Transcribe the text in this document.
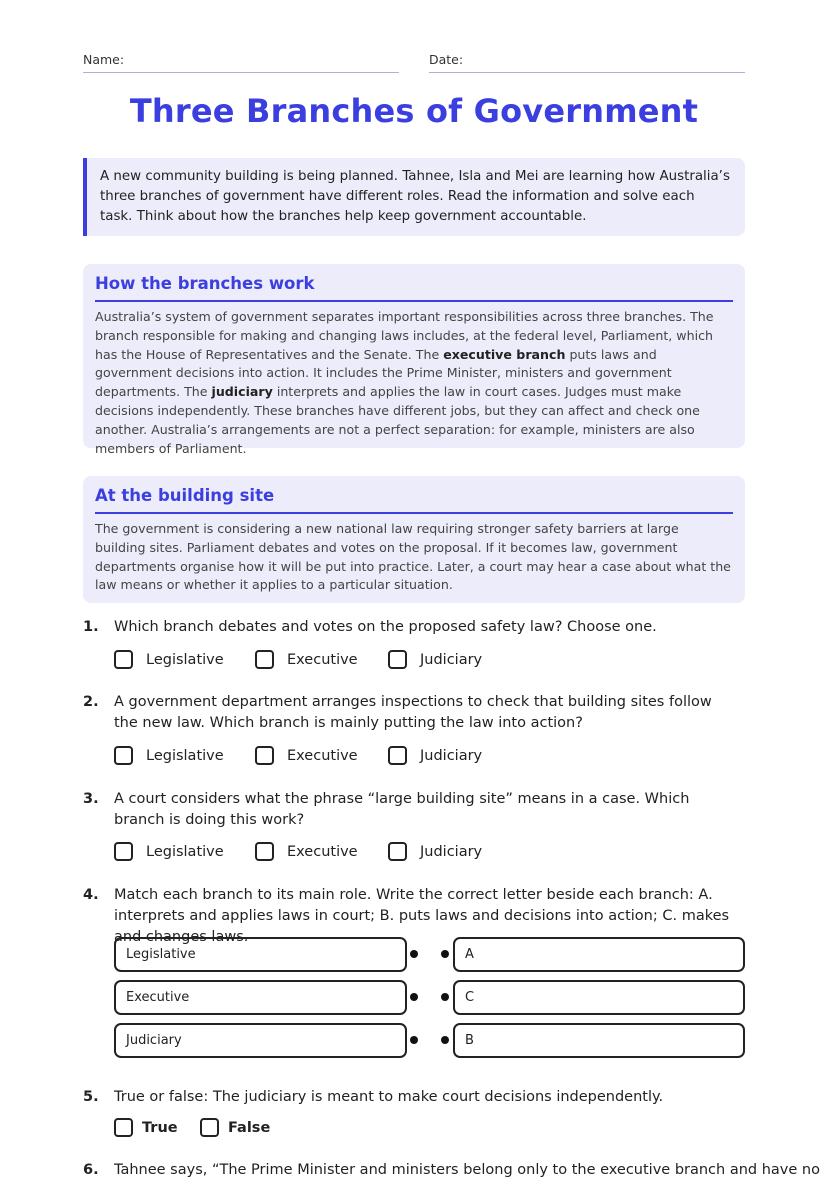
Name:	Date:
Three Branches of Government
A new community building is being planned. Tahnee, Isla and Mei are learning how Australia’s three branches of government have different roles. Read the information and solve each task. Think about how the branches help keep government accountable.
How the branches work

Australia’s system of government separates important responsibilities across three branches. The branch responsible for making and changing laws includes, at the federal level, Parliament, which has the House of Representatives and the Senate. The executive branch puts laws and government decisions into action. It includes the Prime Minister, ministers and government departments. The judiciary interprets and applies the law in court cases. Judges must make decisions independently. These branches have different jobs, but they can affect and check one another. Australia’s arrangements are not a perfect separation: for example, ministers are also members of Parliament.

At the building site

The government is considering a new national law requiring stronger safety barriers at large building sites. Parliament debates and votes on the proposal. If it becomes law, government departments organise how it will be put into practice. Later, a court may hear a case about what the law means or whether it applies to a particular situation.

1. Which branch debates and votes on the proposed safety law? Choose one.
Legislative	Executive	Judiciary
2. A government department arranges inspections to check that building sites follow the new law. Which branch is mainly putting the law into action?
Legislative	Executive	Judiciary
3. A court considers what the phrase “large building site” means in a case. Which branch is doing this work?
Legislative	Executive	Judiciary
4. Match each branch to its main role. Write the correct letter beside each branch: A. interprets and applies laws in court; B. puts laws and decisions into action; C. makes and changes laws.
Legislative	A
Executive	C
Judiciary	B
5. True or false: The judiciary is meant to make court decisions independently.
True	False
6. Tahnee says, “The Prime Minister and ministers belong only to the executive branch and have no
